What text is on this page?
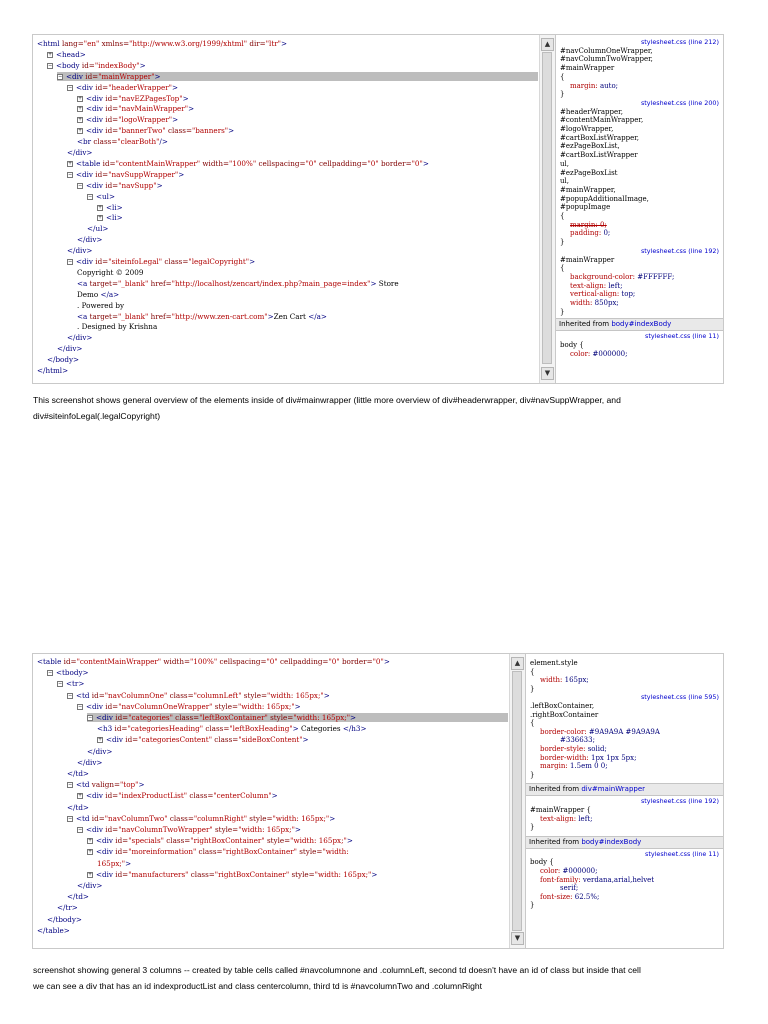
<html lang="en" xmlns="http://www.w3.org/1999/xhtml" dir="ltr">
+ <head>
− <body id="indexBody">
− <div id="mainWrapper">
− <div id="headerWrapper">
+ <div id="navEZPagesTop">
+ <div id="navMainWrapper">
+ <div id="logoWrapper">
+ <div id="bannerTwo" class="banners">
<br class="clearBoth"/>
</div>
+ <table id="contentMainWrapper" width="100%" cellspacing="0" cellpadding="0" border="0">
− <div id="navSuppWrapper">
− <div id="navSupp">
− <ul>
+ <li>
+ <li>
</ul>
</div>
</div>
− <div id="siteinfoLegal" class="legalCopyright">
Copyright © 2009
<a target="_blank" href="http://localhost/zencart/index.php?main_page=index"> Store
Demo </a>
. Powered by
<a target="_blank" href="http://www.zen-cart.com">Zen Cart </a>
. Designed by Krishna
</div>
</div>
</body>
</html>
▲
▼
stylesheet.css (line 212)
#navColumnOneWrapper,
#navColumnTwoWrapper,
#mainWrapper
{
margin: auto;
}
stylesheet.css (line 200)
#headerWrapper,
#contentMainWrapper,
#logoWrapper,
#cartBoxListWrapper,
#ezPageBoxList,
#cartBoxListWrapper
ul,
#ezPageBoxList
ul,
#mainWrapper,
#popupAdditionalImage,
#popupImage
{
margin: 0;
padding: 0;
}
stylesheet.css (line 192)
#mainWrapper
{
background-color: #FFFFFF;
text-align: left;
vertical-align: top;
width: 850px;
}
Inherited from body#indexBody
stylesheet.css (line 11)
body {
color: #000000;
This screenshot shows general overview of the elements inside of div#mainwrapper (little more overview of div#headerwrapper, div#navSuppWrapper, and div#siteinfoLegal(.legalCopyright)
<table id="contentMainWrapper" width="100%" cellspacing="0" cellpadding="0" border="0">
− <tbody>
− <tr>
− <td id="navColumnOne" class="columnLeft" style="width: 165px;">
− <div id="navColumnOneWrapper" style="width: 165px;">
− <div id="categories" class="leftBoxContainer" style="width: 165px;">
<h3 id="categoriesHeading" class="leftBoxHeading"> Categories </h3>
+ <div id="categoriesContent" class="sideBoxContent">
</div>
</div>
</td>
− <td valign="top">
+ <div id="indexProductList" class="centerColumn">
</td>
− <td id="navColumnTwo" class="columnRight" style="width: 165px;">
− <div id="navColumnTwoWrapper" style="width: 165px;">
+ <div id="specials" class="rightBoxContainer" style="width: 165px;">
+ <div id="moreinformation" class="rightBoxContainer" style="width:
165px;">
+ <div id="manufacturers" class="rightBoxContainer" style="width: 165px;">
</div>
</td>
</tr>
</tbody>
</table>
▲
▼
element.style
{
width: 165px;
}
stylesheet.css (line 595)
.leftBoxContainer,
.rightBoxContainer
{
border-color: #9A9A9A #9A9A9A
#336633;
border-style: solid;
border-width: 1px 1px 5px;
margin: 1.5em 0 0;
}
Inherited from div#mainWrapper
stylesheet.css (line 192)
#mainWrapper {
text-align: left;
}
Inherited from body#indexBody
stylesheet.css (line 11)
body {
color: #000000;
font-family: verdana,arial,helvet
serif;
font-size: 62.5%;
}
screenshot showing general 3 columns -- created by table cells called #navcolumnone and .columnLeft, second td doesn't have an id of class but inside that cell
we can see a div that has an id indexproductList and class centercolumn, third td is #navcolumnTwo and .columnRight
